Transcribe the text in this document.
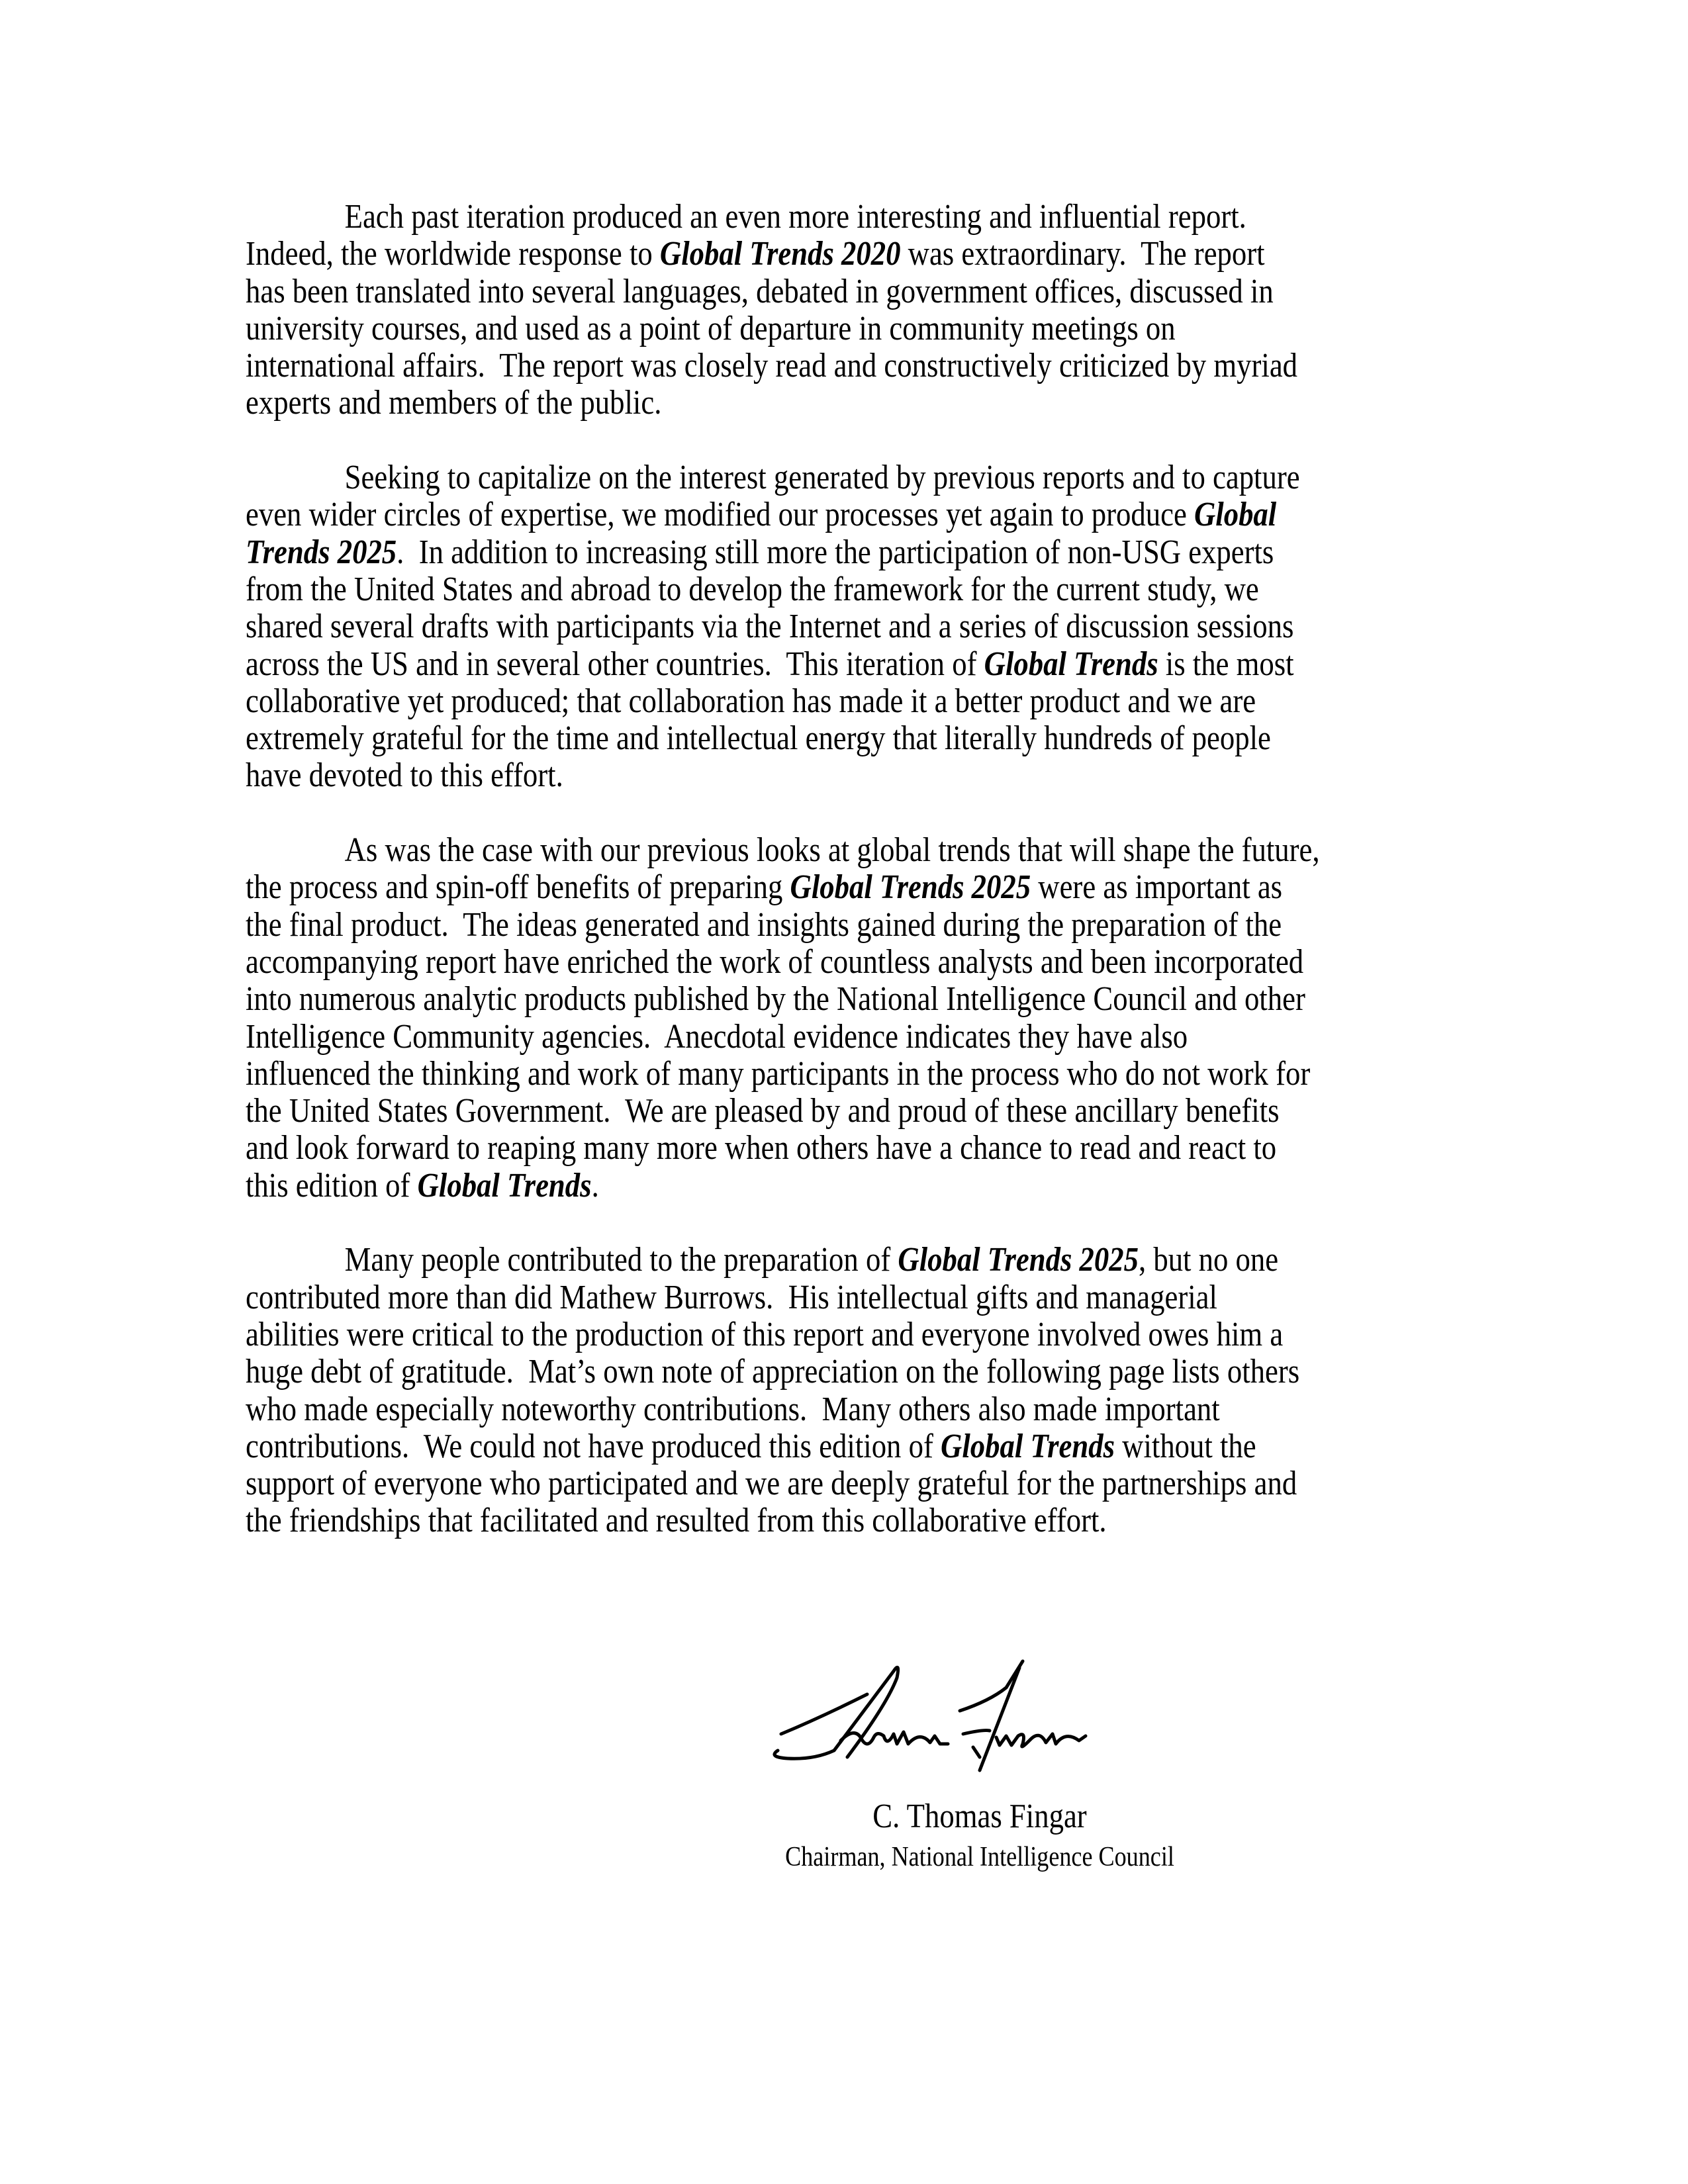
Each past iteration produced an even more interesting and influential report.
Indeed, the worldwide response to Global Trends 2020 was extraordinary.  The report
has been translated into several languages, debated in government offices, discussed in
university courses, and used as a point of departure in community meetings on
international affairs.  The report was closely read and constructively criticized by myriad
experts and members of the public.
Seeking to capitalize on the interest generated by previous reports and to capture
even wider circles of expertise, we modified our processes yet again to produce Global
Trends 2025.  In addition to increasing still more the participation of non-USG experts
from the United States and abroad to develop the framework for the current study, we
shared several drafts with participants via the Internet and a series of discussion sessions
across the US and in several other countries.  This iteration of Global Trends is the most
collaborative yet produced; that collaboration has made it a better product and we are
extremely grateful for the time and intellectual energy that literally hundreds of people
have devoted to this effort.
As was the case with our previous looks at global trends that will shape the future,
the process and spin-off benefits of preparing Global Trends 2025 were as important as
the final product.  The ideas generated and insights gained during the preparation of the
accompanying report have enriched the work of countless analysts and been incorporated
into numerous analytic products published by the National Intelligence Council and other
Intelligence Community agencies.  Anecdotal evidence indicates they have also
influenced the thinking and work of many participants in the process who do not work for
the United States Government.  We are pleased by and proud of these ancillary benefits
and look forward to reaping many more when others have a chance to read and react to
this edition of Global Trends.
Many people contributed to the preparation of Global Trends 2025, but no one
contributed more than did Mathew Burrows.  His intellectual gifts and managerial
abilities were critical to the production of this report and everyone involved owes him a
huge debt of gratitude.  Mat’s own note of appreciation on the following page lists others
who made especially noteworthy contributions.  Many others also made important
contributions.  We could not have produced this edition of Global Trends without the
support of everyone who participated and we are deeply grateful for the partnerships and
the friendships that facilitated and resulted from this collaborative effort.
C. Thomas Fingar
Chairman, National Intelligence Council
